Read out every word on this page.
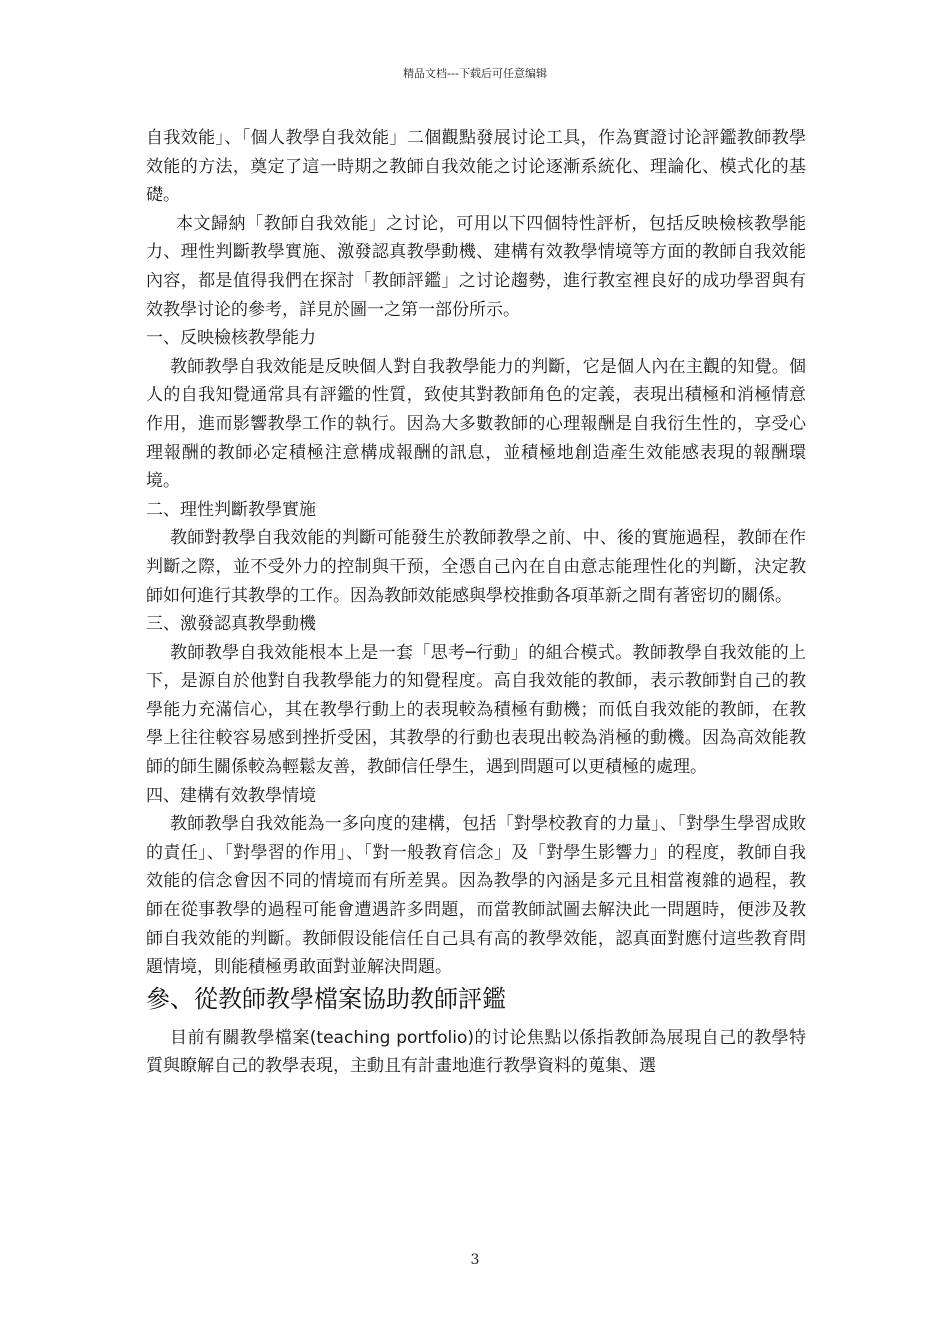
精品文档---下载后可任意编辑

自我效能」、「個人教學自我效能」二個觀點發展讨论工具，作為實證讨论評鑑教師教學效能的方法，奠定了這一時期之教師自我效能之讨论逐漸系統化、理論化、模式化的基礎。

本文歸納「教師自我效能」之讨论，可用以下四個特性評析，包括反映檢核教學能力、理性判斷教學實施、激發認真教學動機、建構有效教學情境等方面的教師自我效能內容，都是值得我們在探討「教師評鑑」之讨论趨勢，進行教室裡良好的成功學習與有效教學讨论的參考，詳見於圖一之第一部份所示。

一、反映檢核教學能力

教師教學自我效能是反映個人對自我教學能力的判斷，它是個人內在主觀的知覺。個人的自我知覺通常具有評鑑的性質，致使其對教師角色的定義，表現出積極和消極情意作用，進而影響教學工作的執行。因為大多數教師的心理報酬是自我衍生性的，享受心理報酬的教師必定積極注意構成報酬的訊息，並積極地創造產生效能感表現的報酬環境。

二、理性判斷教學實施

教師對教學自我效能的判斷可能發生於教師教學之前、中、後的實施過程，教師在作判斷之際，並不受外力的控制與干预，全憑自己內在自由意志能理性化的判斷，決定教師如何進行其教學的工作。因為教師效能感與學校推動各項革新之間有著密切的關係。

三、激發認真教學動機

教師教學自我效能根本上是一套「思考─行動」的組合模式。教師教學自我效能的上下，是源自於他對自我教學能力的知覺程度。高自我效能的教師，表示教師對自己的教學能力充滿信心，其在教學行動上的表現較為積極有動機；而低自我效能的教師，在教學上往往較容易感到挫折受困，其教學的行動也表現出較為消極的動機。因為高效能教師的師生關係較為輕鬆友善，教師信任學生，遇到問題可以更積極的處理。

四、建構有效教學情境

教師教學自我效能為一多向度的建構，包括「對學校教育的力量」、「對學生學習成敗的責任」、「對學習的作用」、「對一般教育信念」及「對學生影響力」的程度，教師自我效能的信念會因不同的情境而有所差異。因為教學的內涵是多元且相當複雜的過程，教師在從事教學的過程可能會遭遇許多問題，而當教師試圖去解決此一問題時，便涉及教師自我效能的判斷。教師假设能信任自己具有高的教學效能，認真面對應付這些教育問題情境，則能積極勇敢面對並解決問題。

參、從教師教學檔案協助教師評鑑

目前有關教學檔案(teaching portfolio)的讨论焦點以係指教師為展現自己的教學特質與瞭解自己的教學表現，主動且有計畫地進行教學資料的蒐集、選

3
